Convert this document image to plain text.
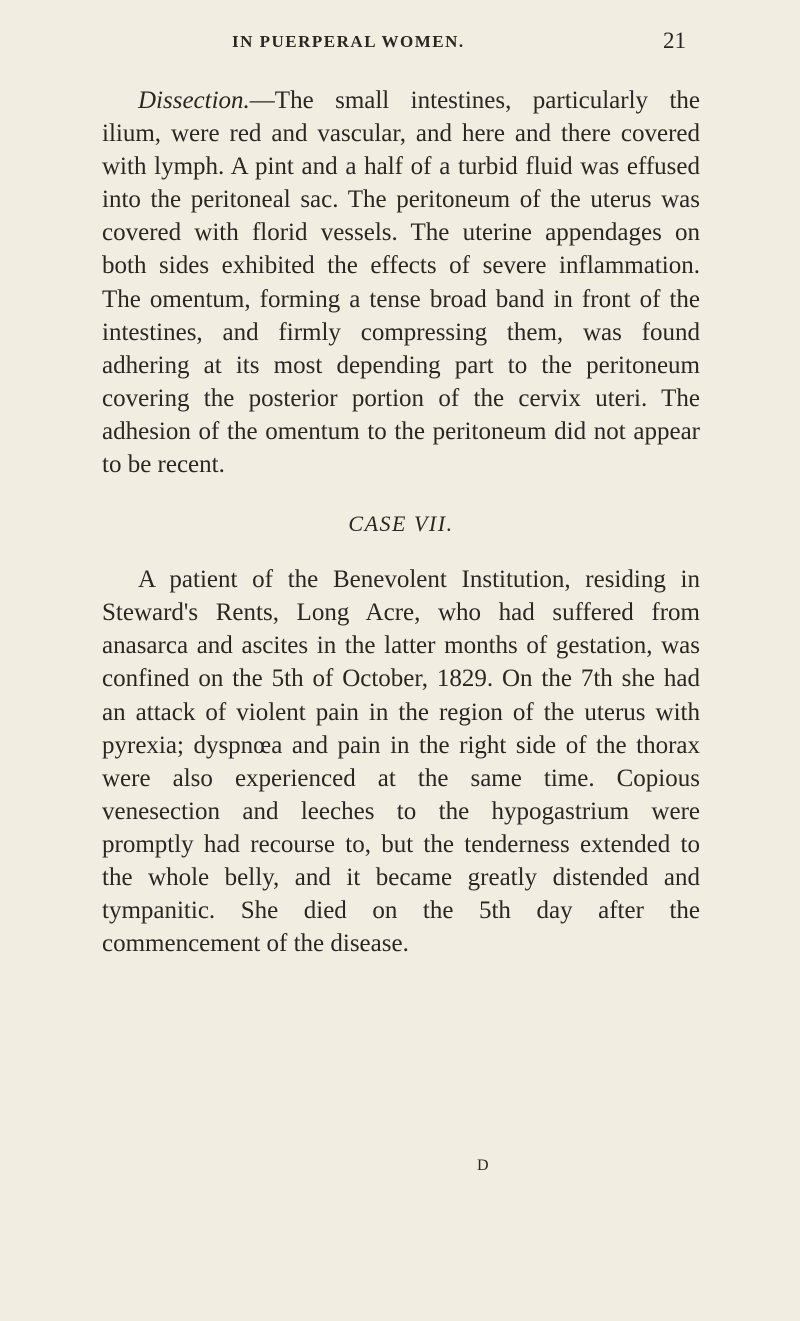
IN PUERPERAL WOMEN.	21

Dissection.—The small intestines, particularly the ilium, were red and vascular, and here and there covered with lymph. A pint and a half of a turbid fluid was effused into the peritoneal sac. The peritoneum of the uterus was covered with florid vessels. The uterine appendages on both sides exhibited the effects of severe inflammation. The omentum, forming a tense broad band in front of the intestines, and firmly compressing them, was found adhering at its most depending part to the peritoneum covering the posterior portion of the cervix uteri. The adhesion of the omentum to the peritoneum did not appear to be recent.

CASE VII.

A patient of the Benevolent Institution, residing in Steward's Rents, Long Acre, who had suffered from anasarca and ascites in the latter months of gestation, was confined on the 5th of October, 1829. On the 7th she had an attack of violent pain in the region of the uterus with pyrexia; dyspnœa and pain in the right side of the thorax were also experienced at the same time. Copious venesection and leeches to the hypogastrium were promptly had recourse to, but the tenderness extended to the whole belly, and it became greatly distended and tympanitic. She died on the 5th day after the commencement of the disease.

D
